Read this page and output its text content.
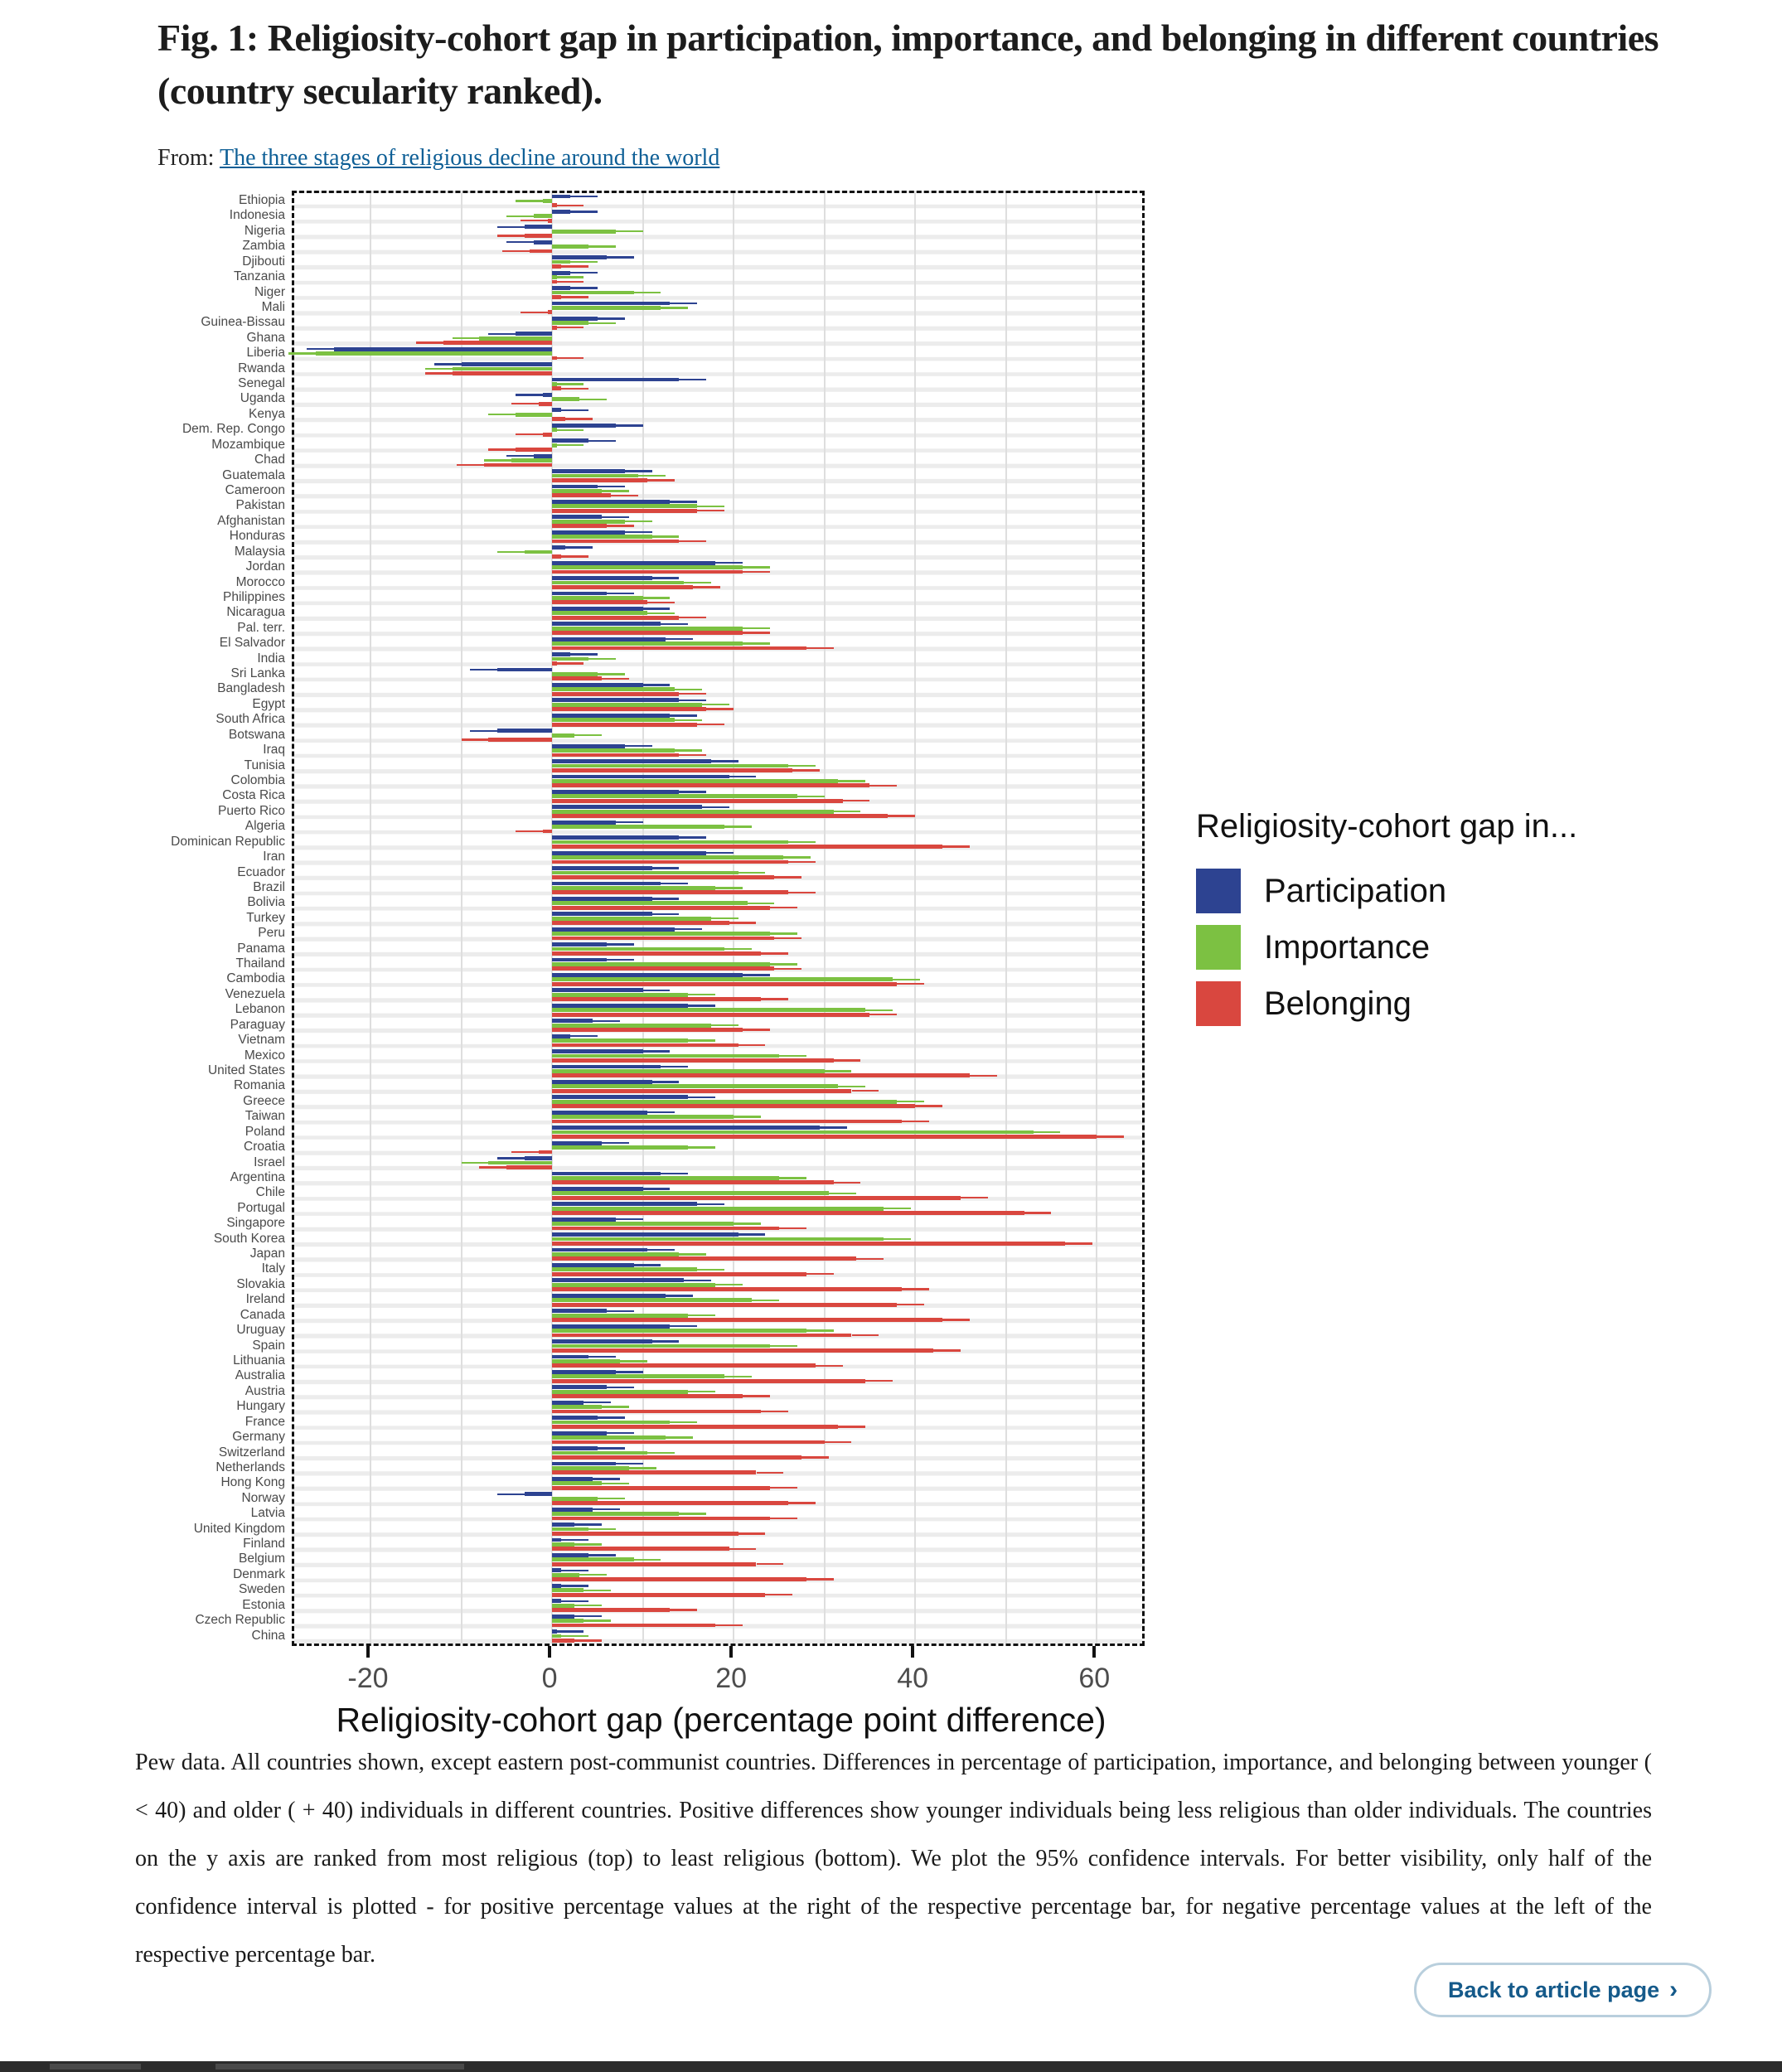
Fig. 1: Religiosity-cohort gap in participation, importance, and belonging in different countries (country secularity ranked).
From: The three stages of religious decline around the world
Ethiopia
Indonesia
Nigeria
Zambia
Djibouti
Tanzania
Niger
Mali
Guinea-Bissau
Ghana
Liberia
Rwanda
Senegal
Uganda
Kenya
Dem. Rep. Congo
Mozambique
Chad
Guatemala
Cameroon
Pakistan
Afghanistan
Honduras
Malaysia
Jordan
Morocco
Philippines
Nicaragua
Pal. terr.
El Salvador
India
Sri Lanka
Bangladesh
Egypt
South Africa
Botswana
Iraq
Tunisia
Colombia
Costa Rica
Puerto Rico
Algeria
Dominican Republic
Iran
Ecuador
Brazil
Bolivia
Turkey
Peru
Panama
Thailand
Cambodia
Venezuela
Lebanon
Paraguay
Vietnam
Mexico
United States
Romania
Greece
Taiwan
Poland
Croatia
Israel
Argentina
Chile
Portugal
Singapore
South Korea
Japan
Italy
Slovakia
Ireland
Canada
Uruguay
Spain
Lithuania
Australia
Austria
Hungary
France
Germany
Switzerland
Netherlands
Hong Kong
Norway
Latvia
United Kingdom
Finland
Belgium
Denmark
Sweden
Estonia
Czech Republic
China
-20	0	20	40	60
Religiosity-cohort gap (percentage point difference)
Religiosity-cohort gap in...
Participation
Importance
Belonging
Pew data. All countries shown, except eastern post-communist countries. Differences in percentage of participation, importance, and belonging between younger ( < 40) and older ( + 40) individuals in different countries. Positive differences show younger individuals being less religious than older individuals. The countries on the y axis are ranked from most religious (top) to least religious (bottom). We plot the 95% confidence intervals. For better visibility, only half of the confidence interval is plotted - for positive percentage values at the right of the respective percentage bar, for negative percentage values at the left of the respective percentage bar.
Back to article page ›
